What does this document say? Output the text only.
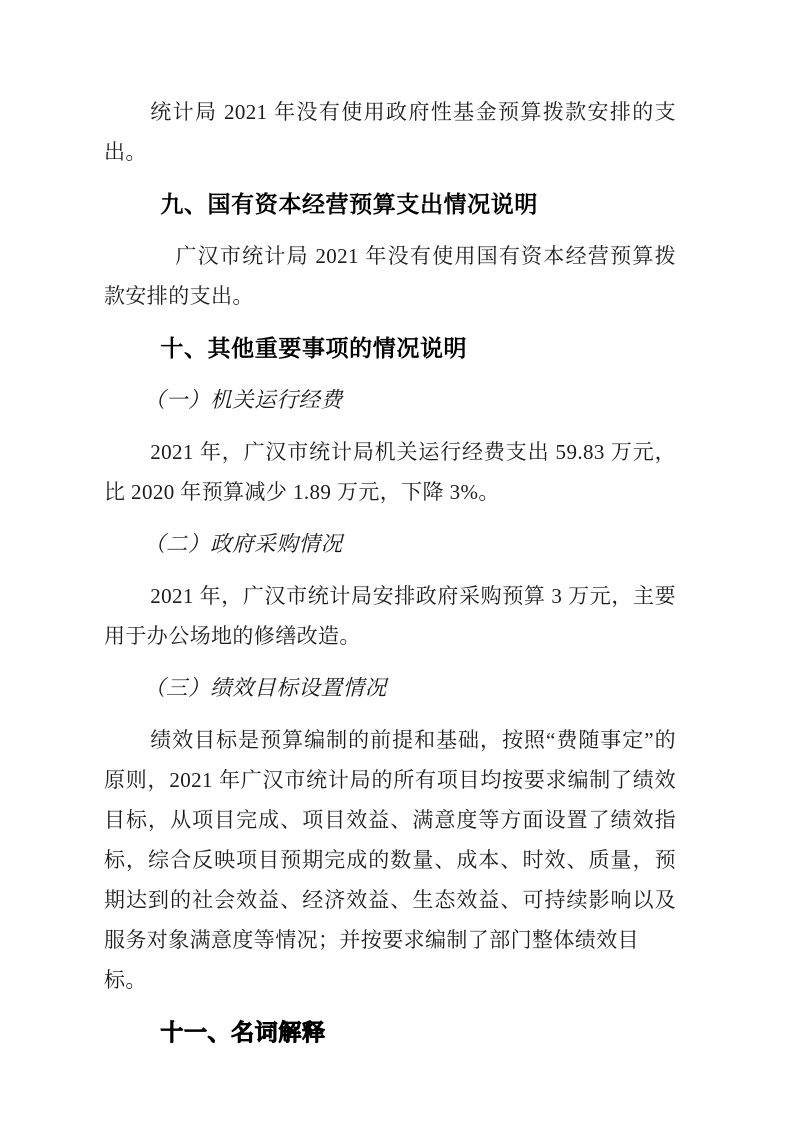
统计局 2021 年没有使用政府性基金预算拨款安排的支
出。
九、国有资本经营预算支出情况说明
广汉市统计局 2021 年没有使用国有资本经营预算拨
款安排的支出。
十、其他重要事项的情况说明
（一）机关运行经费
2021 年，广汉市统计局机关运行经费支出 59.83 万元，
比 2020 年预算减少 1.89 万元，下降 3%。
（二）政府采购情况
2021 年，广汉市统计局安排政府采购预算 3 万元，主要
用于办公场地的修缮改造。
（三）绩效目标设置情况
绩效目标是预算编制的前提和基础，按照“费随事定”的
原则，2021 年广汉市统计局的所有项目均按要求编制了绩效
目标，从项目完成、项目效益、满意度等方面设置了绩效指
标，综合反映项目预期完成的数量、成本、时效、质量，预
期达到的社会效益、经济效益、生态效益、可持续影响以及
服务对象满意度等情况；并按要求编制了部门整体绩效目标。
十一、名词解释
